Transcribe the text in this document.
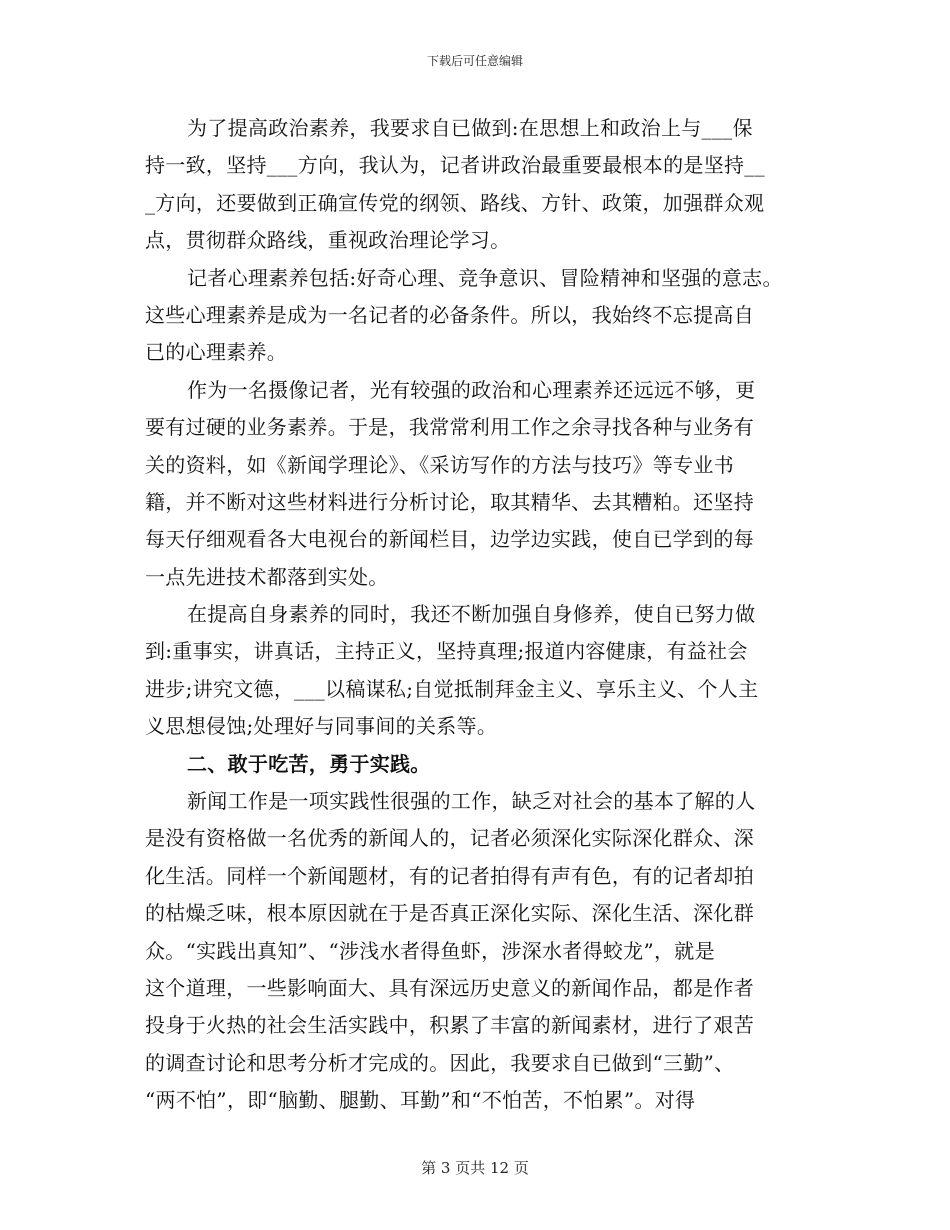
下载后可任意编辑
为了提高政治素养，我要求自已做到:在思想上和政治上与___保
持一致，坚持___方向，我认为，记者讲政治最重要最根本的是坚持__
_方向，还要做到正确宣传党的纲领、路线、方针、政策，加强群众观
点，贯彻群众路线，重视政治理论学习。
记者心理素养包括:好奇心理、竞争意识、冒险精神和坚强的意志。
这些心理素养是成为一名记者的必备条件。所以，我始终不忘提高自
已的心理素养。
作为一名摄像记者，光有较强的政治和心理素养还远远不够，更
要有过硬的业务素养。于是，我常常利用工作之余寻找各种与业务有
关的资料，如《新闻学理论》、《采访写作的方法与技巧》等专业书
籍，并不断对这些材料进行分析讨论，取其精华、去其糟粕。还坚持
每天仔细观看各大电视台的新闻栏目，边学边实践，使自已学到的每
一点先进技术都落到实处。
在提高自身素养的同时，我还不断加强自身修养，使自已努力做
到:重事实，讲真话，主持正义，坚持真理;报道内容健康，有益社会
进步;讲究文德，___以稿谋私;自觉抵制拜金主义、享乐主义、个人主
义思想侵蚀;处理好与同事间的关系等。
二、敢于吃苦，勇于实践。
新闻工作是一项实践性很强的工作，缺乏对社会的基本了解的人
是没有资格做一名优秀的新闻人的，记者必须深化实际深化群众、深
化生活。同样一个新闻题材，有的记者拍得有声有色，有的记者却拍
的枯燥乏味，根本原因就在于是否真正深化实际、深化生活、深化群
众。“实践出真知”、“涉浅水者得鱼虾，涉深水者得蛟龙”，就是
这个道理，一些影响面大、具有深远历史意义的新闻作品，都是作者
投身于火热的社会生活实践中，积累了丰富的新闻素材，进行了艰苦
的调查讨论和思考分析才完成的。因此，我要求自已做到“三勤”、
“两不怕”，即“脑勤、腿勤、耳勤”和“不怕苦，不怕累”。对得
第 3 页共 12 页
